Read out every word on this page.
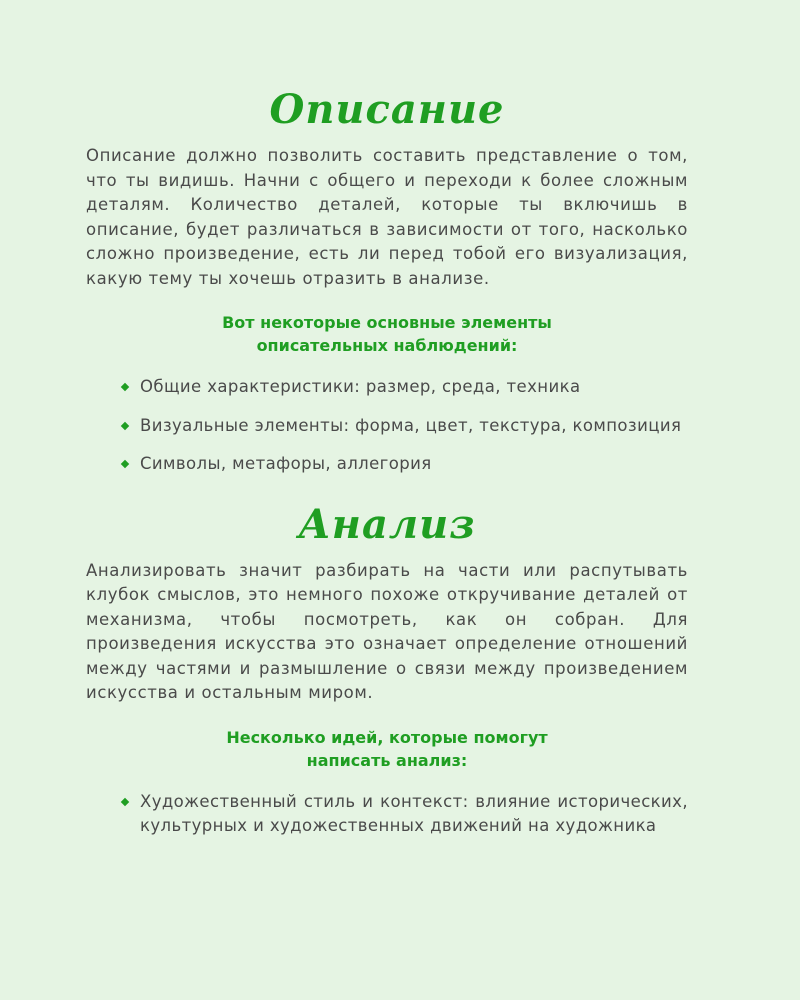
Описание

Описание должно позволить составить представление о том, что ты видишь. Начни с общего и переходи к более сложным деталям. Количество деталей, которые ты включишь в описание, будет различаться в зависимости от того, насколько сложно произведение, есть ли перед тобой его визуализация, какую тему ты хочешь отразить в анализе.

Вот некоторые основные элементы
описательных наблюдений:
Общие характеристики: размер, среда, техника
Визуальные элементы: форма, цвет, текстура, композиция
Символы, метафоры, аллегория
Анализ

Анализировать значит разбирать на части или распутывать клубок смыслов, это немного похоже откручивание деталей от механизма, чтобы посмотреть, как он собран. Для произведения искусства это означает определение отношений между частями и размышление о связи между произведением искусства и остальным миром.

Несколько идей, которые помогут
написать анализ:
Художественный стиль и контекст: влияние исторических, культурных и художественных движений на художника
